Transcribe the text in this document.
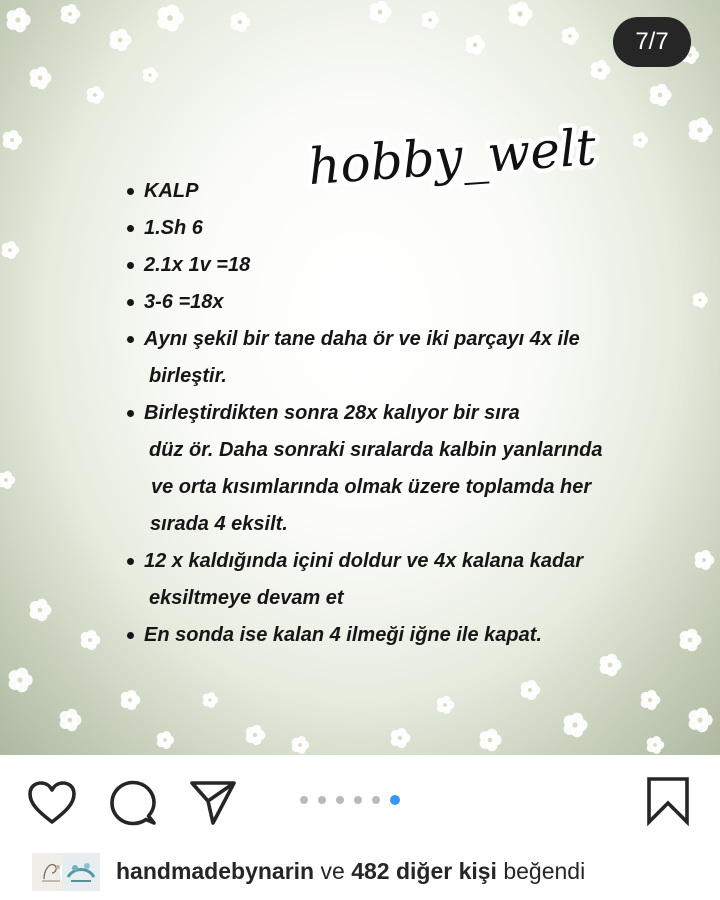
7/7
hobby_welt
KALP
1.Sh 6
2.1x 1v =18
3-6 =18x
Aynı şekil bir tane daha ör ve iki parçayı 4x ile
birleştir.
Birleştirdikten sonra 28x kalıyor bir sıra
düz ör. Daha sonraki sıralarda kalbin yanlarında
ve orta kısımlarında olmak üzere toplamda her
sırada 4 eksilt.
12 x kaldığında içini doldur ve 4x kalana kadar
eksiltmeye devam et
En sonda ise kalan 4 ilmeği iğne ile kapat.
handmadebynarin ve 482 diğer kişi beğendi
